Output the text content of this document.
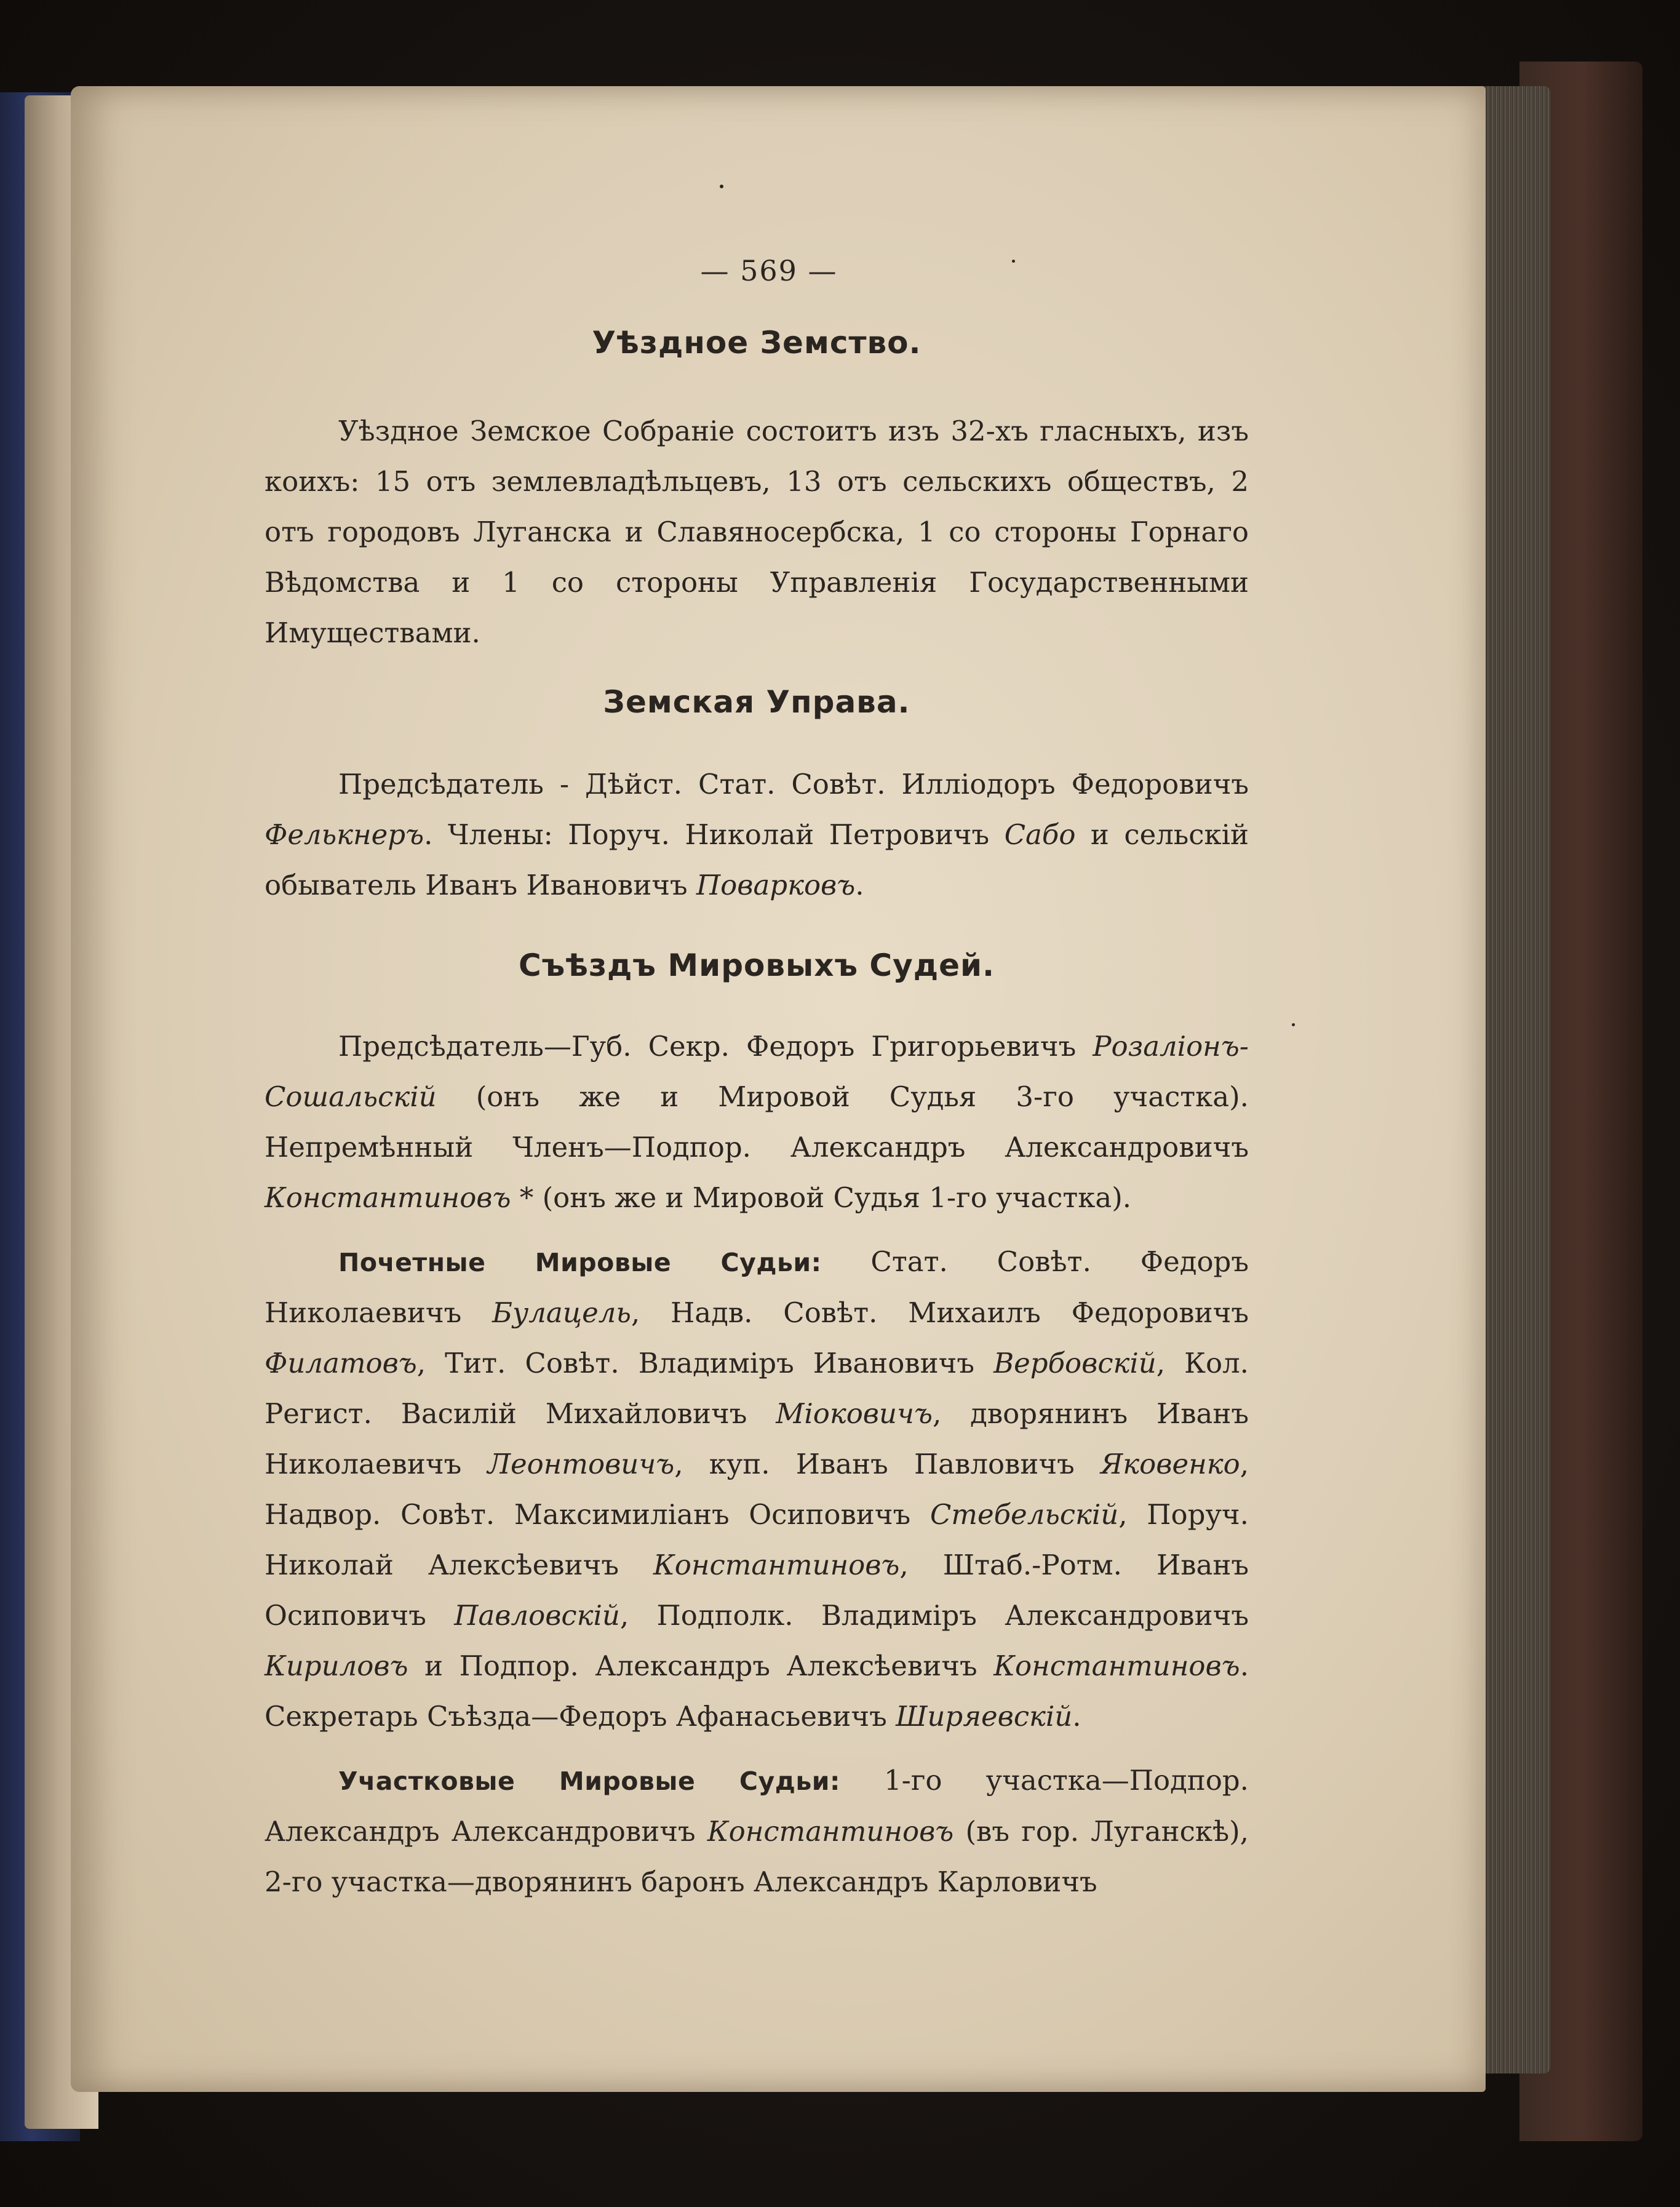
— 569 —
Уѣздное Земство.

Уѣздное Земское Собраніе состоитъ изъ 32-хъ гласныхъ, изъ коихъ: 15 отъ землевладѣльцевъ, 13 отъ сельскихъ обществъ, 2 отъ городовъ Луганска и Славяносербска, 1 со стороны Горнаго Вѣдомства и 1 со стороны Управленія Государственными Имуществами.

Земская Управа.

Предсѣдатель - Дѣйст. Стат. Совѣт. Иллiодоръ Федоровичъ Фелькнеръ. Члены: Поруч. Николай Петровичъ Сабо и сельскій обыватель Иванъ Ивановичъ Поварковъ.

Съѣздъ Мировыхъ Судей.

Предсѣдатель—Губ. Секр. Федоръ Григорьевичъ Розаліонъ-Сошальскій (онъ же и Мировой Судья 3-го участка). Непремѣнный Членъ—Подпор. Александръ Александровичъ Константиновъ * (онъ же и Мировой Судья 1-го участка).

Почетные Мировые Судьи: Стат. Совѣт. Федоръ Николаевичъ Булацель, Надв. Совѣт. Михаилъ Федоровичъ Филатовъ, Тит. Совѣт. Владиміръ Ивановичъ Вербовскій, Кол. Регист. Василій Михайловичъ Міоковичъ, дворянинъ Иванъ Николаевичъ Леонтовичъ, куп. Иванъ Павловичъ Яковенко, Надвор. Совѣт. Максимиліанъ Осиповичъ Стебельскій, Поруч. Николай Алексѣевичъ Константиновъ, Штаб.-Ротм. Иванъ Осиповичъ Павловскій, Подполк. Владиміръ Александровичъ Кириловъ и Подпор. Александръ Алексѣевичъ Константиновъ. Секретарь Съѣзда—Федоръ Афанасьевичъ Ширяевскій.

Участковые Мировые Судьи: 1-го участка—Подпор. Александръ Александровичъ Константиновъ (въ гор. Луганскѣ), 2-го участка—дворянинъ баронъ Александръ Карловичъ
